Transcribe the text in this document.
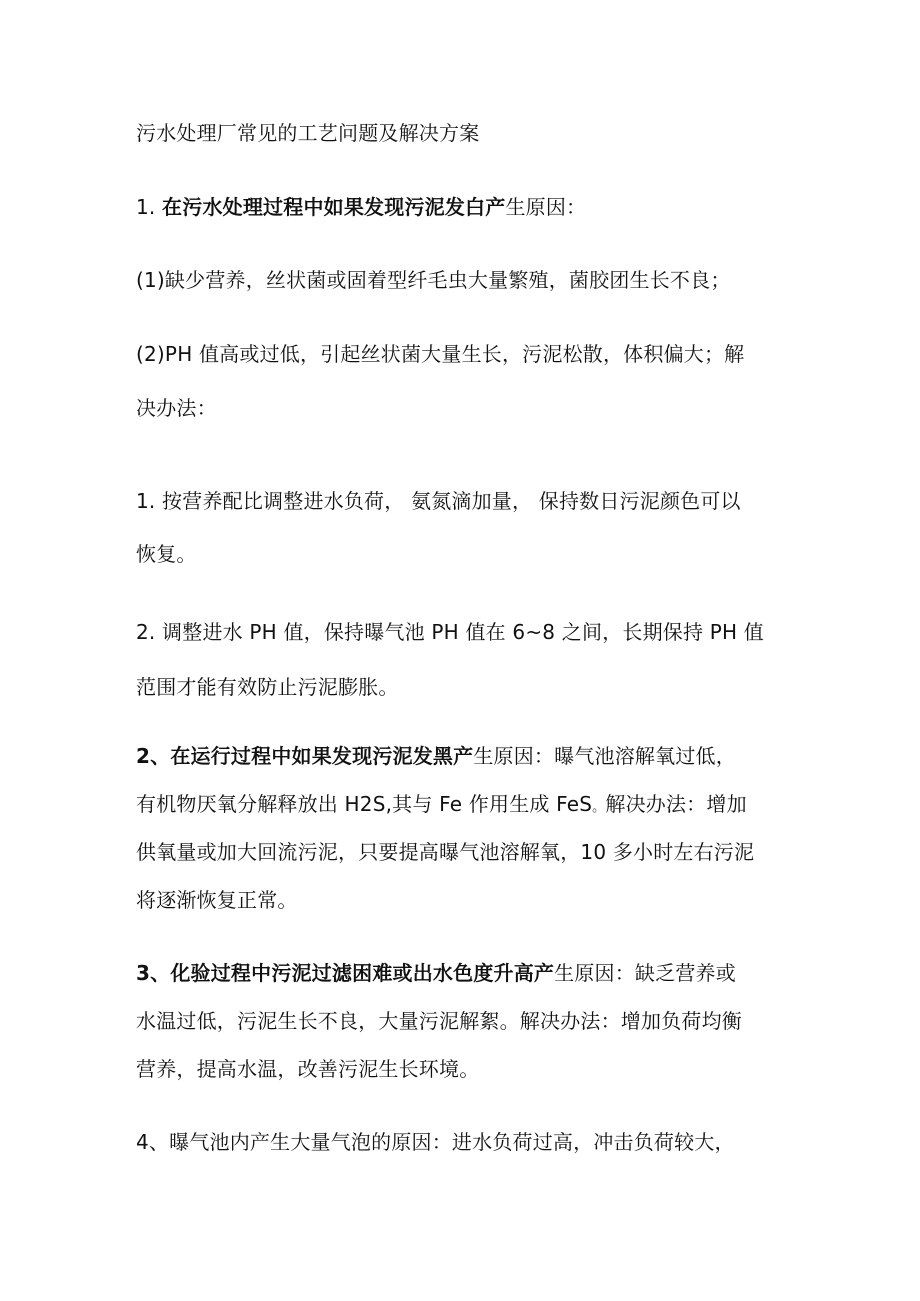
污水处理厂常见的工艺问题及解决方案
1. 在污水处理过程中如果发现污泥发白产生原因：
(1)缺少营养，丝状菌或固着型纤毛虫大量繁殖，菌胶团生长不良；
(2)PH 值高或过低，引起丝状菌大量生长，污泥松散，体积偏大；解
决办法：
1. 按营养配比调整进水负荷， 氨氮滴加量， 保持数日污泥颜色可以
恢复。
2. 调整进水 PH 值，保持曝气池 PH 值在 6~8 之间，长期保持 PH 值
范围才能有效防止污泥膨胀。
2、在运行过程中如果发现污泥发黑产生原因：曝气池溶解氧过低，
有机物厌氧分解释放出 H2S,其与 Fe 作用生成 FeS。解决办法：增加
供氧量或加大回流污泥，只要提高曝气池溶解氧，10 多小时左右污泥
将逐渐恢复正常。
3、化验过程中污泥过滤困难或出水色度升高产生原因：缺乏营养或
水温过低，污泥生长不良，大量污泥解絮。解决办法：增加负荷均衡
营养，提高水温，改善污泥生长环境。
4、曝气池内产生大量气泡的原因：进水负荷过高，冲击负荷较大，
